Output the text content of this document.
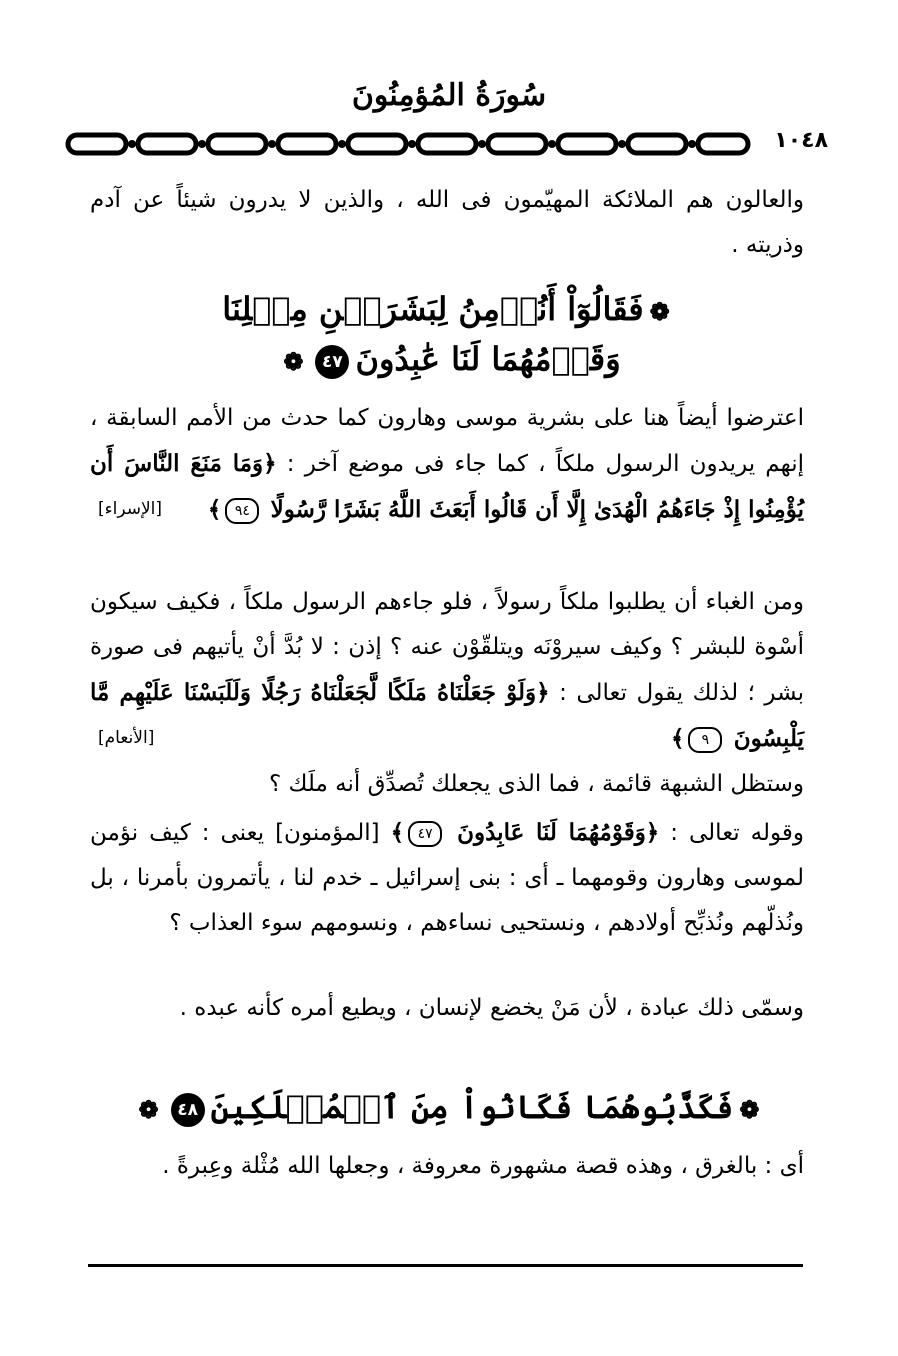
سُورَةُ المُؤمِنُونَ
١٠٤٨
والعالون هم الملائكة المهيّمون فى الله ، والذين لا يدرون شيئاً عن آدم وذريته .
❁فَقَالُوٓاْ أَنُؤۡمِنُ لِبَشَرَيۡنِ مِثۡلِنَا
وَقَوۡمُهُمَا لَنَا عَٰبِدُونَ٤٧❁
اعترضوا أيضاً هنا على بشرية موسى وهارون كما حدث من الأمم السابقة ، إنهم يريدون الرسول ملكاً ، كما جاء فى موضع آخر : ﴿وَمَا مَنَعَ النَّاسَ أَن يُؤْمِنُوا إِذْ جَاءَهُمُ الْهُدَىٰ إِلَّا أَن قَالُوا أَبَعَثَ اللَّهُ بَشَرًا رَّسُولًا ٩٤﴾
[الإسراء]
ومن الغباء أن يطلبوا ملكاً رسولاً ، فلو جاءهم الرسول ملكاً ، فكيف سيكون أسْوة للبشر ؟ وكيف سيروْنَه ويتلقّوْن عنه ؟ إذن : لا بُدَّ أنْ يأتيهم فى صورة بشر ؛ لذلك يقول تعالى : ﴿وَلَوْ جَعَلْنَاهُ مَلَكًا لَّجَعَلْنَاهُ رَجُلًا وَلَلَبَسْنَا عَلَيْهِم مَّا يَلْبِسُونَ ٩﴾
[الأنعام]
وستظل الشبهة قائمة ، فما الذى يجعلك تُصدِّق أنه ملَك ؟
وقوله تعالى : ﴿وَقَوْمُهُمَا لَنَا عَابِدُونَ ٤٧﴾ [المؤمنون] يعنى : كيف نؤمن لموسى وهارون وقومهما ـ أى : بنى إسرائيل ـ خدم لنا ، يأتمرون بأمرنا ، بل ونُذلّهم ونُذبِّح أولادهم ، ونستحيى نساءهم ، ونسومهم سوء العذاب ؟
وسمّى ذلك عبادة ، لأن مَنْ يخضع لإنسان ، ويطيع أمره كأنه عبده .
❁فَكَذَّبُوهُمَا فَكَانُواْ مِنَ ٱلۡمُهۡلَكِينَ٤٨❁
أى : بالغرق ، وهذه قصة مشهورة معروفة ، وجعلها الله مُثْلة وعِبرةً .
